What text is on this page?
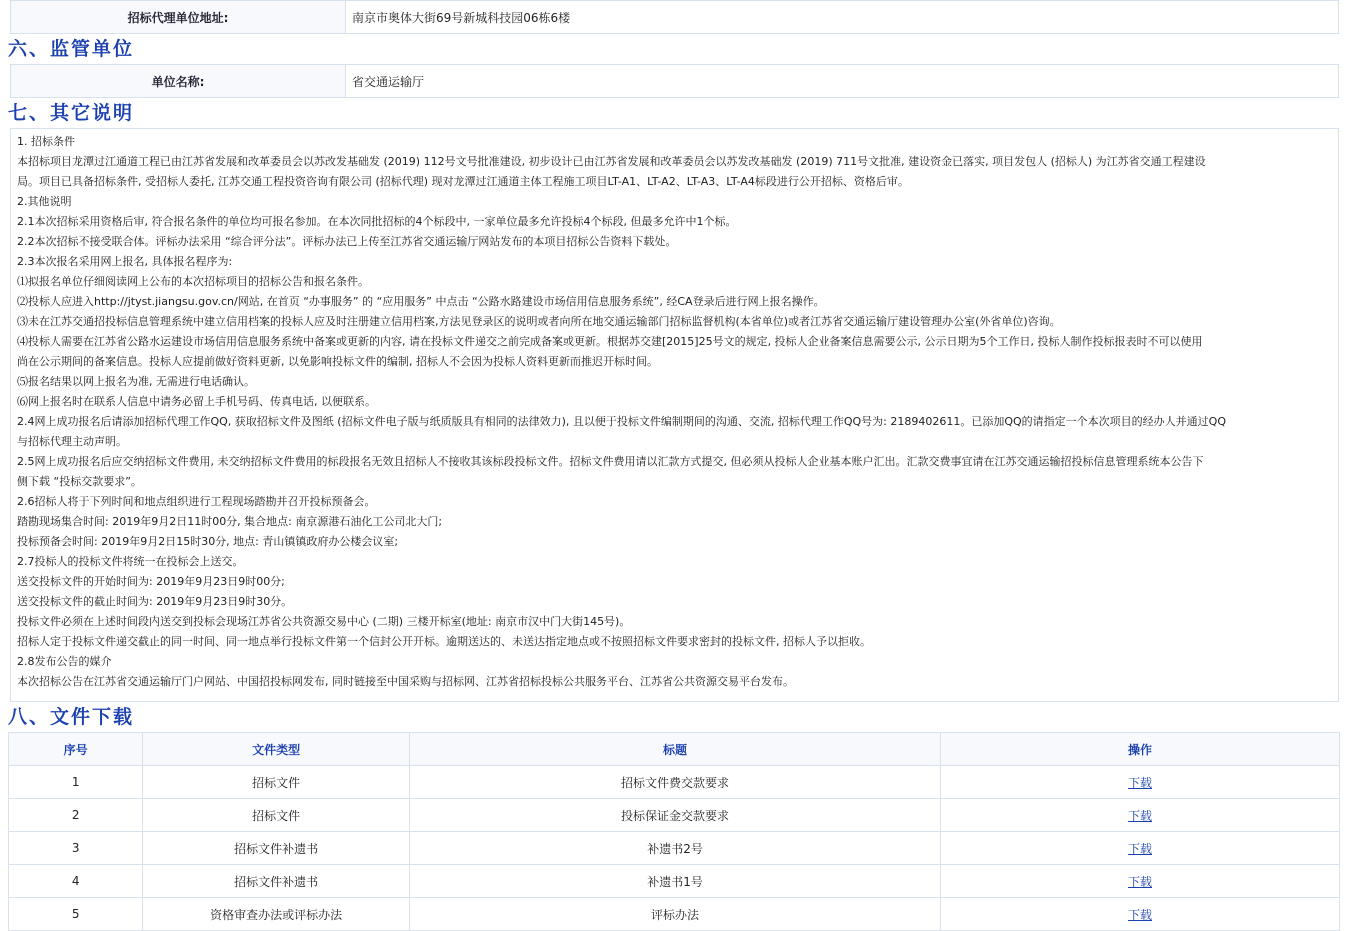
招标代理单位地址:	南京市奥体大街69号新城科技园06栋6楼
六、监管单位
单位名称:	省交通运输厅
七、其它说明

1. 招标条件

本招标项目龙潭过江通道工程已由江苏省发展和改革委员会以苏改发基础发 (2019) 112号文号批准建设, 初步设计已由江苏省发展和改革委员会以苏发改基础发 (2019) 711号文批准, 建设资金已落实, 项目发包人 (招标人) 为江苏省交通工程建设

局。项目已具备招标条件, 受招标人委托, 江苏交通工程投资咨询有限公司 (招标代理) 现对龙潭过江通道主体工程施工项目LT-A1、LT-A2、LT-A3、LT-A4标段进行公开招标、资格后审。

2.其他说明

2.1本次招标采用资格后审, 符合报名条件的单位均可报名参加。在本次同批招标的4个标段中, 一家单位最多允许投标4个标段, 但最多允许中1个标。

2.2本次招标不接受联合体。评标办法采用 “综合评分法”。评标办法已上传至江苏省交通运输厅网站发布的本项目招标公告资料下载处。

2.3本次报名采用网上报名, 具体报名程序为:

⑴拟报名单位仔细阅读网上公布的本次招标项目的招标公告和报名条件。

⑵投标人应进入http://jtyst.jiangsu.gov.cn/网站, 在首页 “办事服务” 的 “应用服务” 中点击 “公路水路建设市场信用信息服务系统”, 经CA登录后进行网上报名操作。

⑶未在江苏交通招投标信息管理系统中建立信用档案的投标人应及时注册建立信用档案,方法见登录区的说明或者向所在地交通运输部门招标监督机构(本省单位)或者江苏省交通运输厅建设管理办公室(外省单位)咨询。

⑷投标人需要在江苏省公路水运建设市场信用信息服务系统中备案或更新的内容, 请在投标文件递交之前完成备案或更新。根据苏交建[2015]25号文的规定, 投标人企业备案信息需要公示, 公示日期为5个工作日, 投标人制作投标报表时不可以使用

尚在公示期间的备案信息。投标人应提前做好资料更新, 以免影响投标文件的编制, 招标人不会因为投标人资料更新而推迟开标时间。

⑸报名结果以网上报名为准, 无需进行电话确认。

⑹网上报名时在联系人信息中请务必留上手机号码、传真电话, 以便联系。

2.4网上成功报名后请添加招标代理工作QQ, 获取招标文件及图纸 (招标文件电子版与纸质版具有相同的法律效力), 且以便于投标文件编制期间的沟通、交流, 招标代理工作QQ号为: 2189402611。已添加QQ的请指定一个本次项目的经办人并通过QQ

与招标代理主动声明。

2.5网上成功报名后应交纳招标文件费用, 未交纳招标文件费用的标段报名无效且招标人不接收其该标段投标文件。招标文件费用请以汇款方式提交, 但必须从投标人企业基本账户汇出。汇款交费事宜请在江苏交通运输招投标信息管理系统本公告下

侧下载 “投标交款要求”。

2.6招标人将于下列时间和地点组织进行工程现场踏勘并召开投标预备会。

踏勘现场集合时间: 2019年9月2日11时00分, 集合地点: 南京源港石油化工公司北大门;

投标预备会时间: 2019年9月2日15时30分, 地点: 青山镇镇政府办公楼会议室;

2.7投标人的投标文件将统一在投标会上送交。

送交投标文件的开始时间为: 2019年9月23日9时00分;

送交投标文件的截止时间为: 2019年9月23日9时30分。

投标文件必须在上述时间段内送交到投标会现场江苏省公共资源交易中心 (二期) 三楼开标室(地址: 南京市汉中门大街145号)。

招标人定于投标文件递交截止的同一时间、同一地点举行投标文件第一个信封公开开标。逾期送达的、未送达指定地点或不按照招标文件要求密封的投标文件, 招标人予以拒收。

2.8发布公告的媒介

本次招标公告在江苏省交通运输厅门户网站、中国招投标网发布, 同时链接至中国采购与招标网、江苏省招标投标公共服务平台、江苏省公共资源交易平台发布。

八、文件下载
序号	文件类型	标题	操作
1	招标文件	招标文件费交款要求	下载
2	招标文件	投标保证金交款要求	下载
3	招标文件补遗书	补遗书2号	下载
4	招标文件补遗书	补遗书1号	下载
5	资格审查办法或评标办法	评标办法	下载
